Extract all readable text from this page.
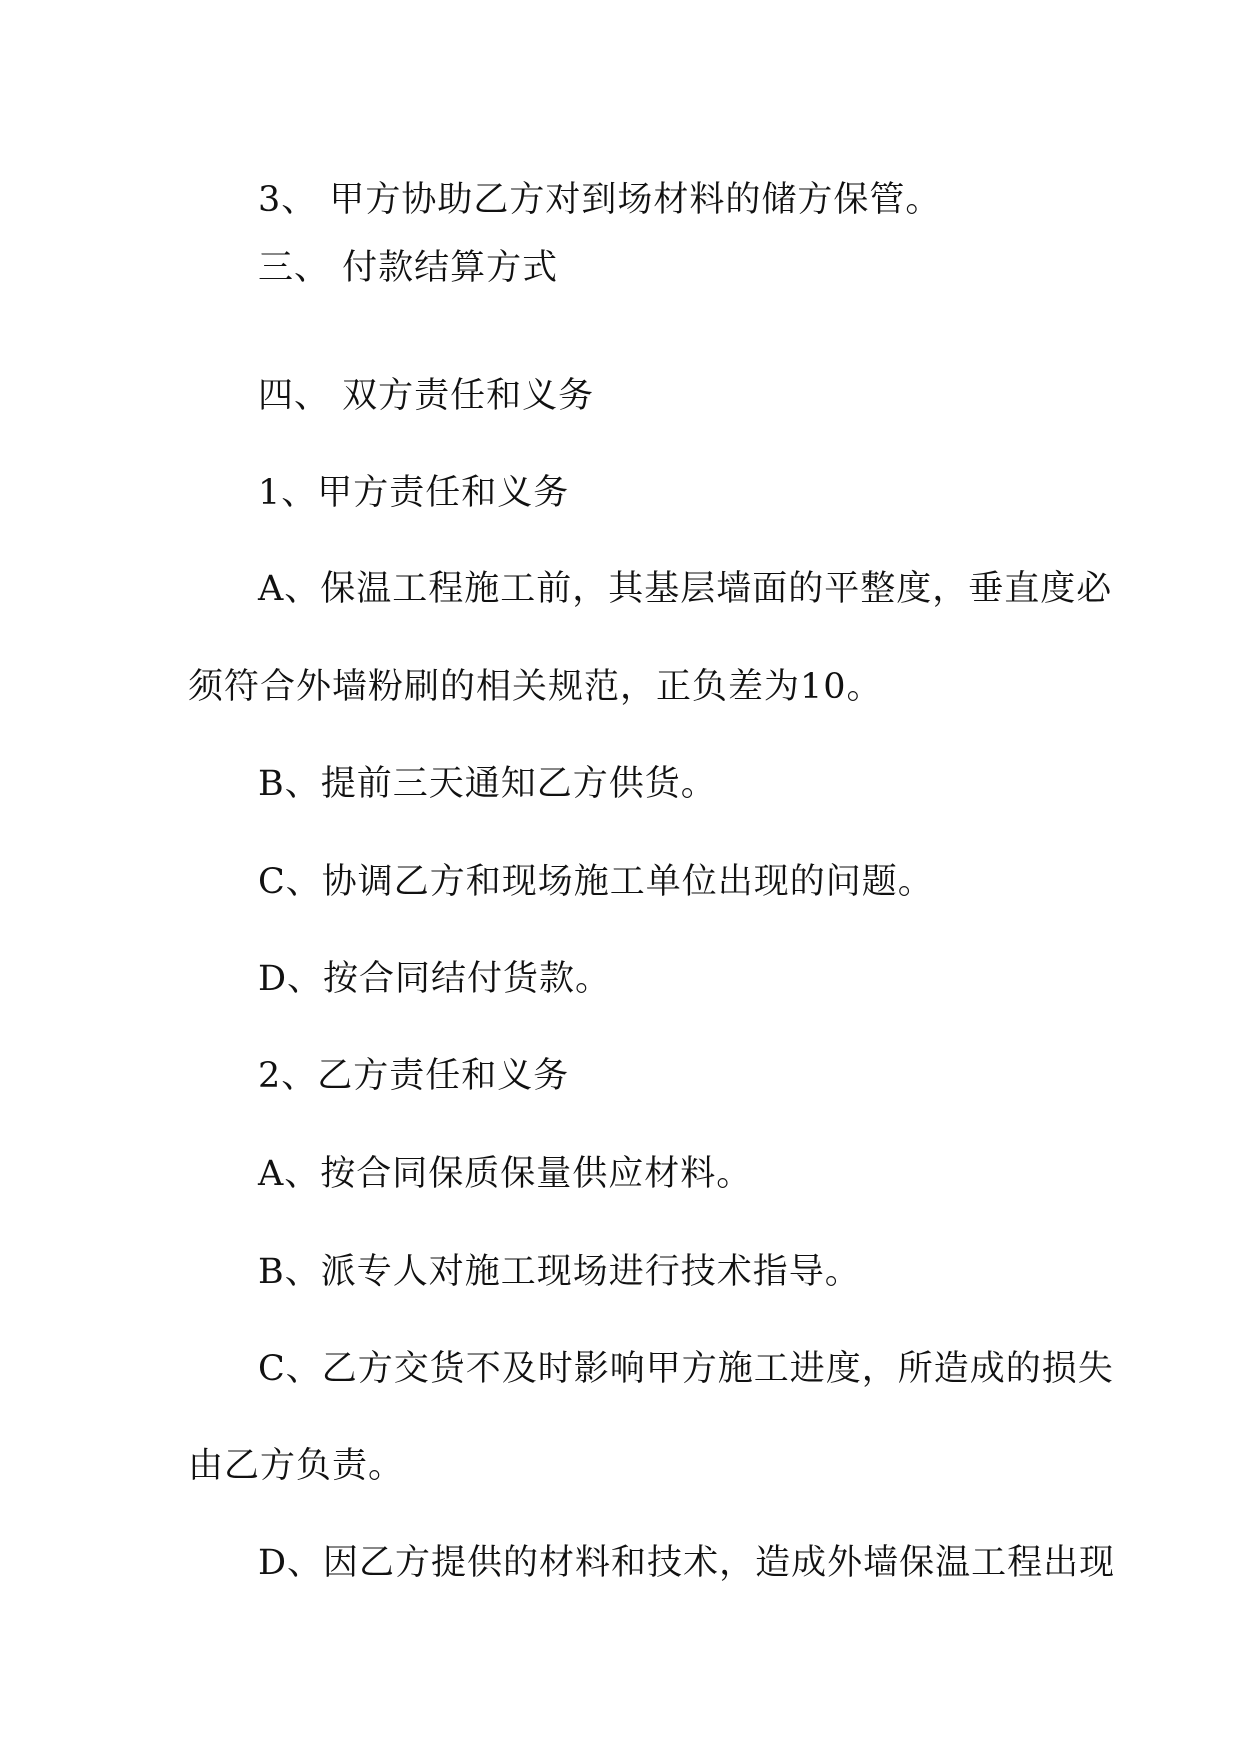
3、 甲方协助乙方对到场材料的储方保管。
三、 付款结算方式
四、 双方责任和义务
1、甲方责任和义务
A、保温工程施工前，其基层墙面的平整度，垂直度必
须符合外墙粉刷的相关规范，正负差为10。
B、提前三天通知乙方供货。
C、协调乙方和现场施工单位出现的问题。
D、按合同结付货款。
2、乙方责任和义务
A、按合同保质保量供应材料。
B、派专人对施工现场进行技术指导。
C、乙方交货不及时影响甲方施工进度，所造成的损失
由乙方负责。
D、因乙方提供的材料和技术，造成外墙保温工程出现
